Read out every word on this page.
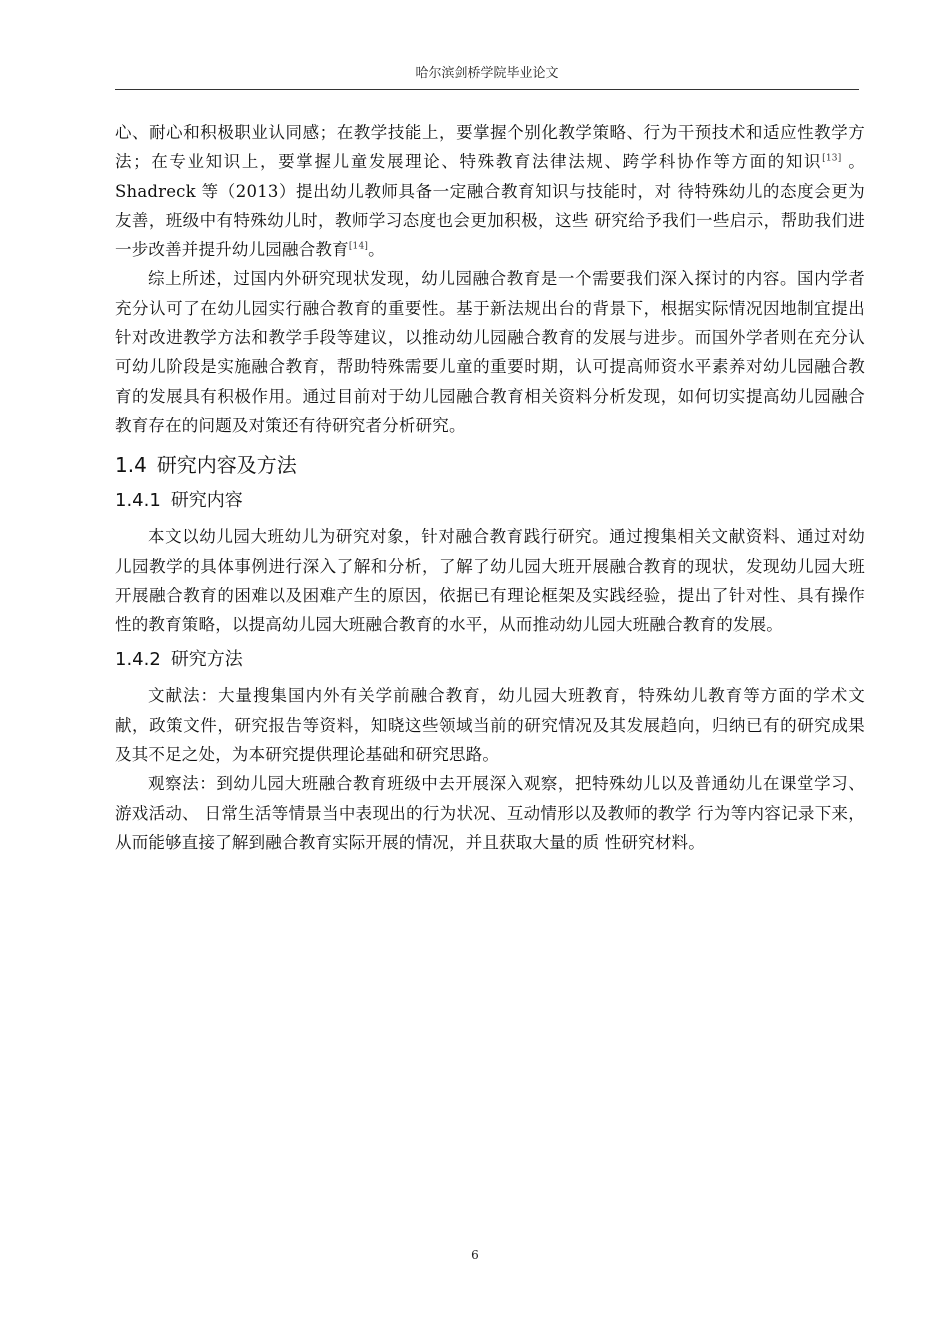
哈尔滨剑桥学院毕业论文

心、耐心和积极职业认同感；在教学技能上，要掌握个别化教学策略、行为干预技术和适应性教学方法；在专业知识上，要掌握儿童发展理论、特殊教育法律法规、跨学科协作等方面的知识[13] 。 Shadreck 等（2013）提出幼儿教师具备一定融合教育知识与技能时，对 待特殊幼儿的态度会更为友善，班级中有特殊幼儿时，教师学习态度也会更加积极，这些 研究给予我们一些启示，帮助我们进一步改善并提升幼儿园融合教育[14]。

综上所述，过国内外研究现状发现，幼儿园融合教育是一个需要我们深入探讨的内容。国内学者充分认可了在幼儿园实行融合教育的重要性。基于新法规出台的背景下，根据实际情况因地制宜提出针对改进教学方法和教学手段等建议，以推动幼儿园融合教育的发展与进步。而国外学者则在充分认可幼儿阶段是实施融合教育，帮助特殊需要儿童的重要时期，认可提高师资水平素养对幼儿园融合教育的发展具有积极作用。通过目前对于幼儿园融合教育相关资料分析发现，如何切实提高幼儿园融合教育存在的问题及对策还有待研究者分析研究。

1.4 研究内容及方法
1.4.1 研究内容

本文以幼儿园大班幼儿为研究对象，针对融合教育践行研究。通过搜集相关文献资料、通过对幼儿园教学的具体事例进行深入了解和分析，了解了幼儿园大班开展融合教育的现状，发现幼儿园大班开展融合教育的困难以及困难产生的原因，依据已有理论框架及实践经验，提出了针对性、具有操作性的教育策略，以提高幼儿园大班融合教育的水平，从而推动幼儿园大班融合教育的发展。

1.4.2 研究方法

文献法：大量搜集国内外有关学前融合教育，幼儿园大班教育，特殊幼儿教育等方面的学术文献，政策文件，研究报告等资料，知晓这些领域当前的研究情况及其发展趋向，归纳已有的研究成果及其不足之处，为本研究提供理论基础和研究思路。

观察法：到幼儿园大班融合教育班级中去开展深入观察，把特殊幼儿以及普通幼儿在课堂学习、游戏活动、 日常生活等情景当中表现出的行为状况、互动情形以及教师的教学 行为等内容记录下来，从而能够直接了解到融合教育实际开展的情况，并且获取大量的质 性研究材料。

6
